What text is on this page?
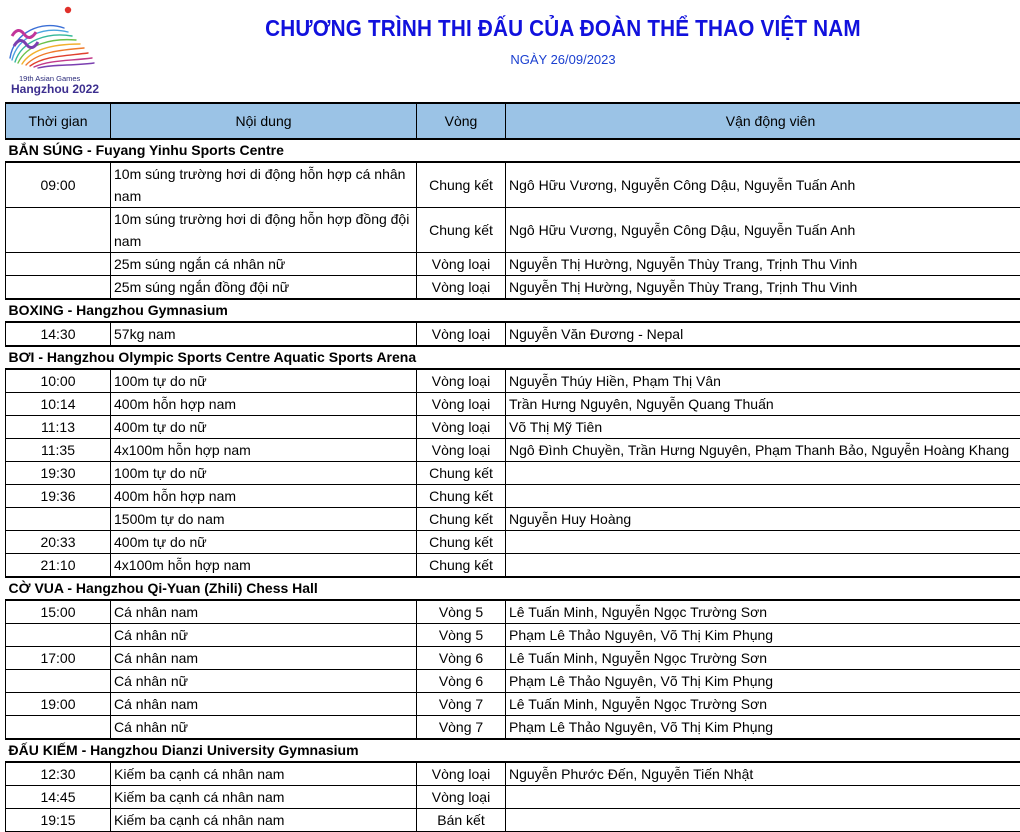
19th Asian Games
Hangzhou 2022
CHƯƠNG TRÌNH THI ĐẤU CỦA ĐOÀN THỂ THAO VIỆT NAM
NGÀY 26/09/2023
Thời gian	Nội dung	Vòng	Vận động viên
BẮN SÚNG - Fuyang Yinhu Sports Centre			
09:00	10m súng trường hơi di động hỗn hợp cá nhân nam	Chung kết	Ngô Hữu Vương, Nguyễn Công Dậu, Nguyễn Tuấn Anh
	10m súng trường hơi di động hỗn hợp đồng đội nam	Chung kết	Ngô Hữu Vương, Nguyễn Công Dậu, Nguyễn Tuấn Anh
	25m súng ngắn cá nhân nữ	Vòng loại	Nguyễn Thị Hường, Nguyễn Thùy Trang, Trịnh Thu Vinh
	25m súng ngắn đồng đội nữ	Vòng loại	Nguyễn Thị Hường, Nguyễn Thùy Trang, Trịnh Thu Vinh
BOXING - Hangzhou Gymnasium			
14:30	57kg nam	Vòng loại	Nguyễn Văn Đương - Nepal
BƠI - Hangzhou Olympic Sports Centre Aquatic Sports Arena			
10:00	100m tự do nữ	Vòng loại	Nguyễn Thúy Hiền, Phạm Thị Vân
10:14	400m hỗn hợp nam	Vòng loại	Trần Hưng Nguyên, Nguyễn Quang Thuấn
11:13	400m tự do nữ	Vòng loại	Võ Thị Mỹ Tiên
11:35	4x100m hỗn hợp nam	Vòng loại	Ngô Đình Chuyền, Trần Hưng Nguyên, Phạm Thanh Bảo, Nguyễn Hoàng Khang
19:30	100m tự do nữ	Chung kết	
19:36	400m hỗn hợp nam	Chung kết	
	1500m tự do nam	Chung kết	Nguyễn Huy Hoàng
20:33	400m tự do nữ	Chung kết	
21:10	4x100m hỗn hợp nam	Chung kết	
CỜ VUA - Hangzhou Qi-Yuan (Zhili) Chess Hall			
15:00	Cá nhân nam	Vòng 5	Lê Tuấn Minh, Nguyễn Ngọc Trường Sơn
	Cá nhân nữ	Vòng 5	Phạm Lê Thảo Nguyên, Võ Thị Kim Phụng
17:00	Cá nhân nam	Vòng 6	Lê Tuấn Minh, Nguyễn Ngọc Trường Sơn
	Cá nhân nữ	Vòng 6	Phạm Lê Thảo Nguyên, Võ Thị Kim Phụng
19:00	Cá nhân nam	Vòng 7	Lê Tuấn Minh, Nguyễn Ngọc Trường Sơn
	Cá nhân nữ	Vòng 7	Phạm Lê Thảo Nguyên, Võ Thị Kim Phụng
ĐẤU KIẾM - Hangzhou Dianzi University Gymnasium			
12:30	Kiếm ba cạnh cá nhân nam	Vòng loại	Nguyễn Phước Đến, Nguyễn Tiến Nhật
14:45	Kiếm ba cạnh cá nhân nam	Vòng loại	
19:15	Kiếm ba cạnh cá nhân nam	Bán kết	
